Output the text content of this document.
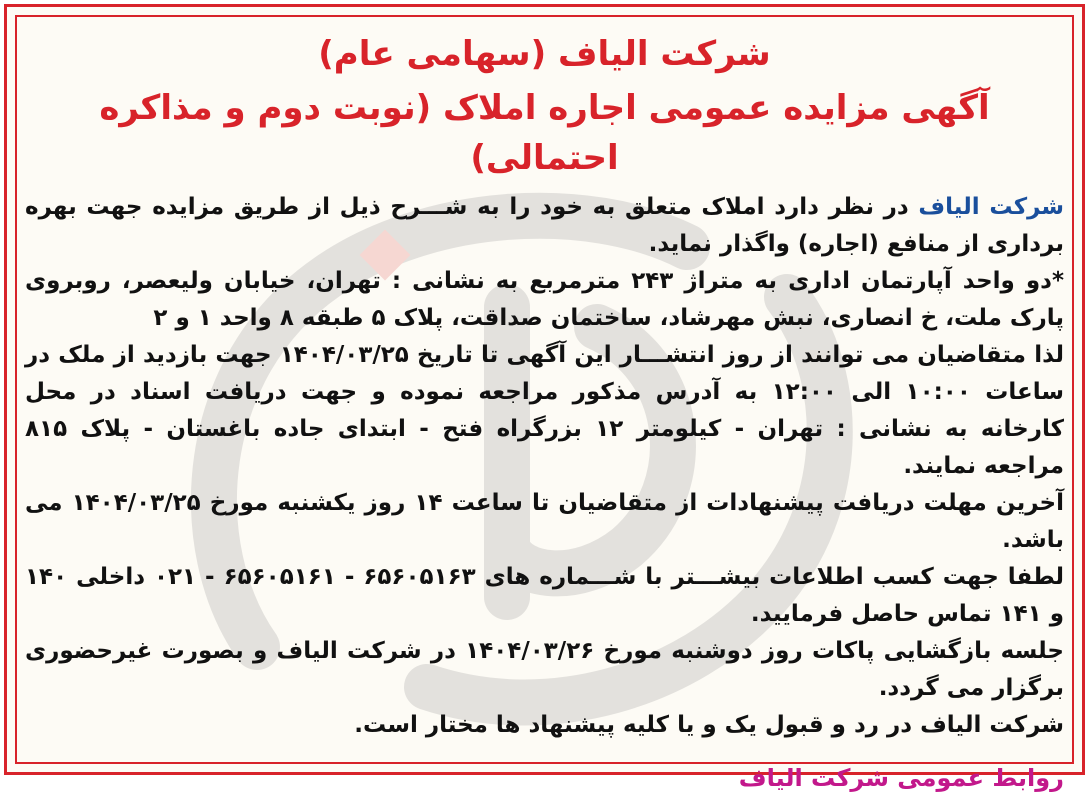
شرکت الیاف (سهامی عام)
آگهی مزایده عمومی اجاره املاک (نوبت دوم و مذاکره احتمالی)

شرکت الیاف در نظر دارد املاک متعلق به خود را به شـــرح ذیل از طریق مزایده جهت بهره برداری از منافع (اجاره) واگذار نماید.

*دو واحد آپارتمان اداری به متراژ ۲۴۳ مترمربع به نشانی : تهران، خیابان ولیعصر، روبروی پارک ملت، خ انصاری، نبش مهرشاد، ساختمان صداقت، پلاک ۵ طبقه ۸ واحد ۱ و ۲

لذا متقاضیان می توانند از روز انتشـــار این آگهی تا تاریخ ۱۴۰۴/۰۳/۲۵ جهت بازدید از ملک در ساعات ۱۰:۰۰ الی ۱۲:۰۰ به آدرس مذکور مراجعه نموده و جهت دریافت اسناد در محل کارخانه به نشانی : تهران - کیلومتر ۱۲ بزرگراه فتح - ابتدای جاده باغستان - پلاک ۸۱۵ مراجعه نمایند.

آخرین مهلت دریافت پیشنهادات از متقاضیان تا ساعت ۱۴ روز یکشنبه مورخ ۱۴۰۴/۰۳/۲۵ می باشد.

لطفا جهت کسب اطلاعات بیشـــتر با شـــماره های ۶۵۶۰۵۱۶۳ - ۶۵۶۰۵۱۶۱ - ۰۲۱ داخلی ۱۴۰ و ۱۴۱ تماس حاصل فرمایید.

جلسه بازگشایی پاکات روز دوشنبه مورخ ۱۴۰۴/۰۳/۲۶ در شرکت الیاف و بصورت غیرحضوری برگزار می گردد.

شرکت الیاف در رد و قبول یک و یا کلیه پیشنهاد ها مختار است.

روابط عمومی شرکت الیاف
